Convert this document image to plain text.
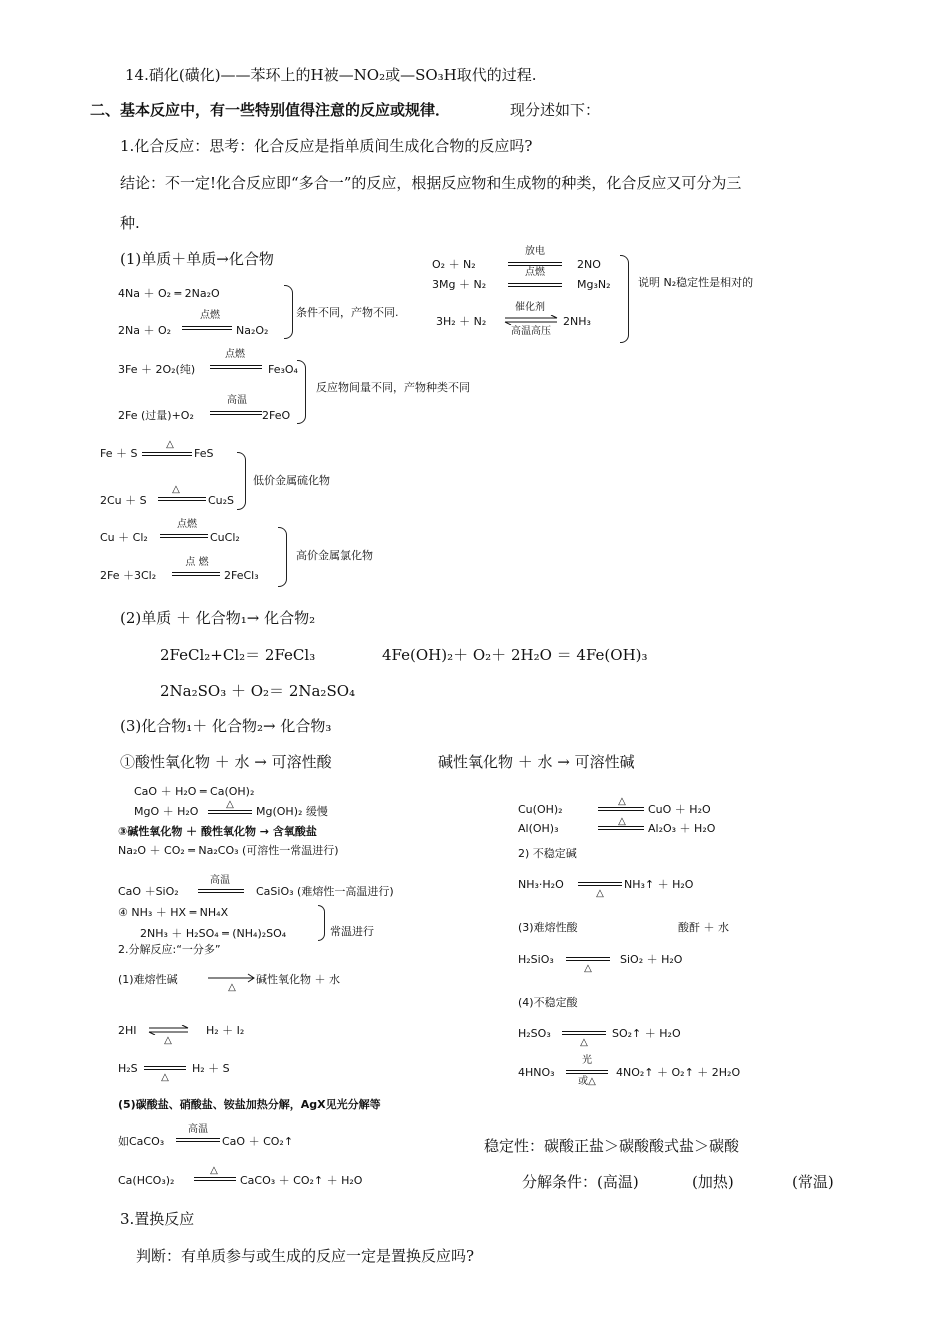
14.硝化(磺化)——苯环上的H被—NO₂或—SO₃H取代的过程.
二、基本反应中，有一些特别值得注意的反应或规律．	现分述如下：
1.化合反应：思考：化合反应是指单质间生成化合物的反应吗?
结论：不一定!化合反应即“多合一”的反应，根据反应物和生成物的种类，化合反应又可分为三
种.
(1)单质＋单质→化合物	O₂ ＋ N₂
放电
2NO
3Mg ＋ N₂
点燃
Mg₃N₂
3H₂ ＋ N₂
催化剂
高温高压
2NH₃
说明 N₂稳定性是相对的
4Na ＋ O₂ ═ 2Na₂O
2Na ＋ O₂
点燃
Na₂O₂
条件不同，产物不同.
3Fe ＋ 2O₂(纯)
点燃
Fe₃O₄
2Fe (过量)+O₂
高温
2FeO
反应物间量不同，产物种类不同
Fe ＋ S
△
FeS
2Cu ＋ S
△
Cu₂S
低价金属硫化物
Cu ＋ Cl₂
点燃
CuCl₂
2Fe ＋3Cl₂
点 燃
2FeCl₃
高价金属氯化物
(2)单质 ＋ 化合物₁→ 化合物₂
2FeCl₂+Cl₂＝ 2FeCl₃	4Fe(OH)₂＋ O₂＋ 2H₂O ＝ 4Fe(OH)₃
2Na₂SO₃ ＋ O₂＝ 2Na₂SO₄
(3)化合物₁＋ 化合物₂→ 化合物₃
①酸性氧化物 ＋ 水 → 可溶性酸	碱性氧化物 ＋ 水 → 可溶性碱
CaO ＋ H₂O ═ Ca(OH)₂
MgO ＋ H₂O
△
Mg(OH)₂ 缓慢
③碱性氧化物 ＋ 酸性氧化物 → 含氧酸盐
Na₂O ＋ CO₂ ═ Na₂CO₃ (可溶性一常温进行)
CaO ＋SiO₂
高温
CaSiO₃ (难熔性一高温进行)
④ NH₃ ＋ HX ═ NH₄X
2NH₃ ＋ H₂SO₄ ═ (NH₄)₂SO₄	常温进行
2.分解反应:“一分多”
(1)难熔性碱
△
碱性氧化物 ＋ 水
2HI ⇌
△
H₂ ＋ I₂
H₂S
△
H₂ ＋ S
(5)碳酸盐、硝酸盐、铵盐加热分解，AgX见光分解等
如CaCO₃
高温
CaO ＋ CO₂↑
Ca(HCO₃)₂
△
CaCO₃ ＋ CO₂↑ ＋ H₂O
Cu(OH)₂
△
CuO ＋ H₂O
Al(OH)₃
△
Al₂O₃ ＋ H₂O
2) 不稳定碱
NH₃·H₂O
△
NH₃↑ ＋ H₂O
(3)难熔性酸	酸酐 ＋ 水
H₂SiO₃
△
SiO₂ ＋ H₂O
(4)不稳定酸
H₂SO₃
△
SO₂↑ ＋ H₂O
4HNO₃
光
或△
4NO₂↑ ＋ O₂↑ ＋ 2H₂O
稳定性：碳酸正盐＞碳酸酸式盐＞碳酸
分解条件：(高温)	(加热)	(常温)
3.置换反应
判断：有单质参与或生成的反应一定是置换反应吗?
